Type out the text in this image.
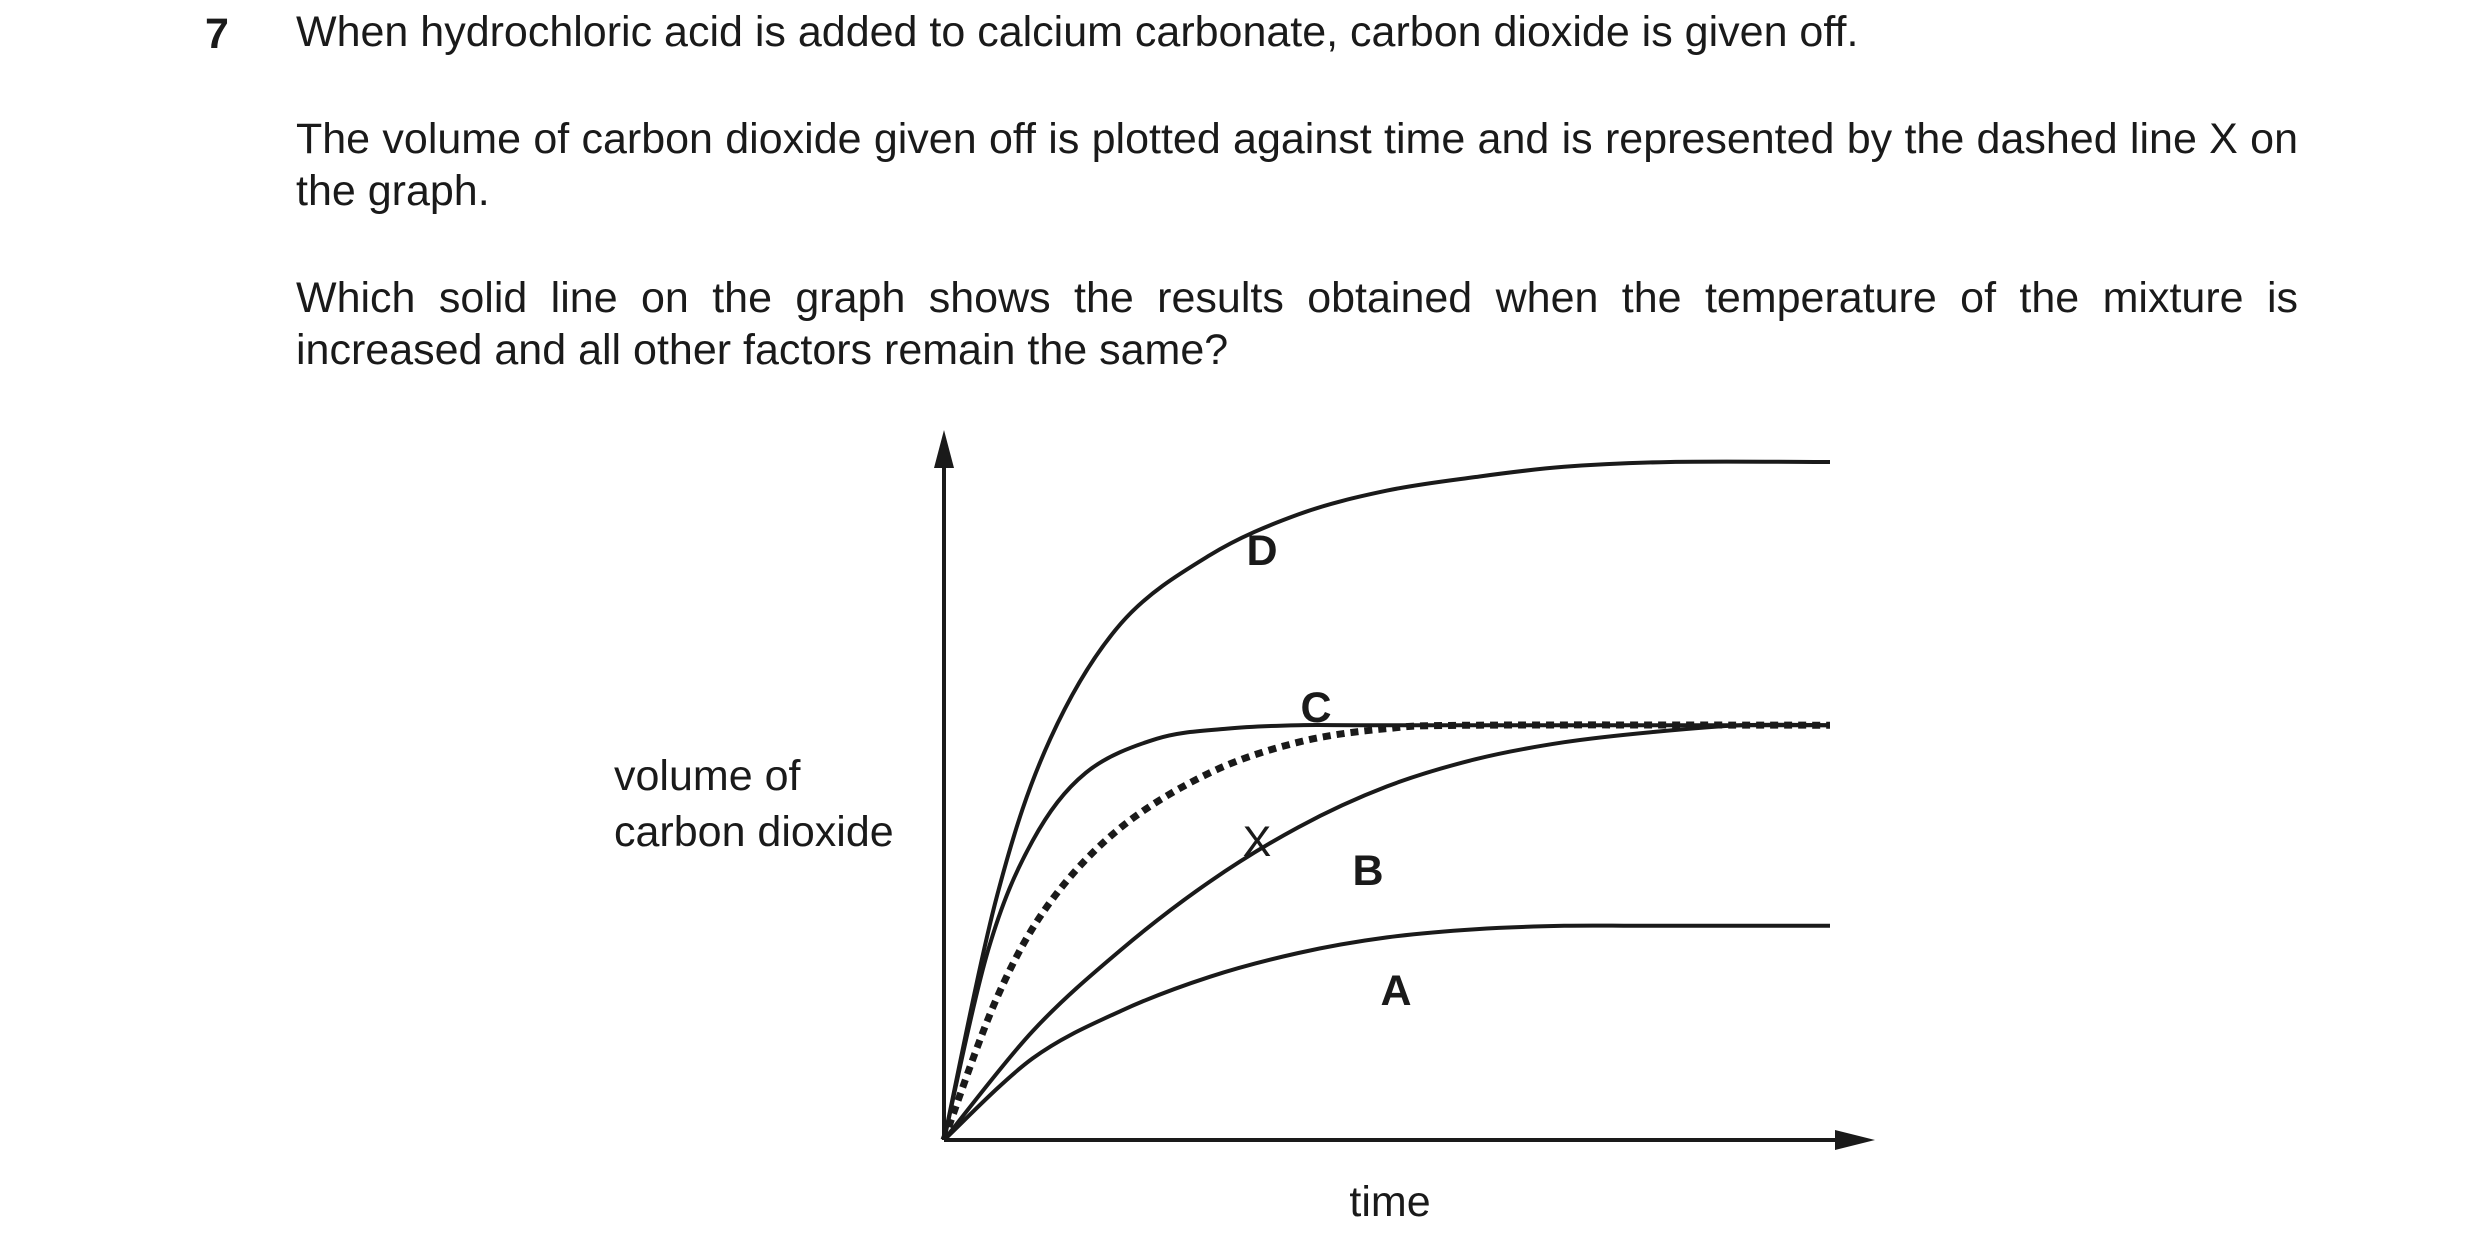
7 When hydrochloric acid is added to calcium carbonate, carbon dioxide is given off.
The volume of carbon dioxide given off is plotted against time and is represented by the dashed line X on the graph.
Which solid line on the graph shows the results obtained when the temperature of the mixture is increased and all other factors remain the same?
volume of
carbon dioxide
time
D
C
X
B
A
